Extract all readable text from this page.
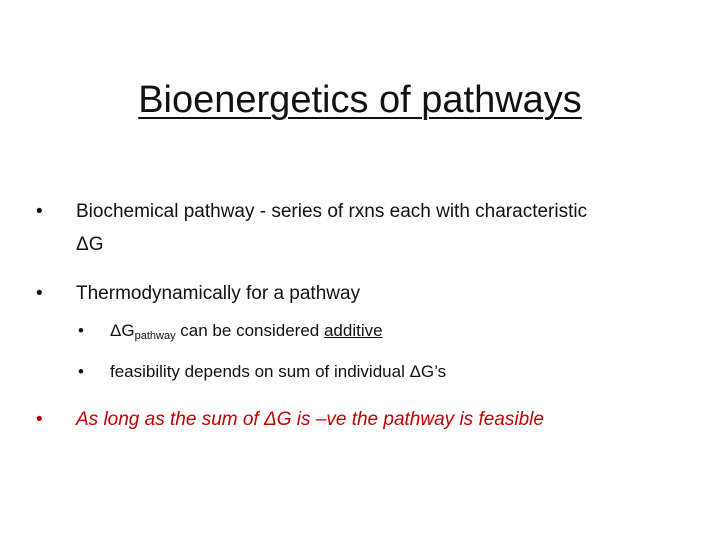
Bioenergetics of pathways
• Biochemical pathway - series of rxns each with characteristic
ΔG
• Thermodynamically for a pathway
• $\Delta G_{pathway}$ can be considered additive
• feasibility depends on sum of individual ΔG’s
• As long as the sum of ΔG is –ve the pathway is feasible
